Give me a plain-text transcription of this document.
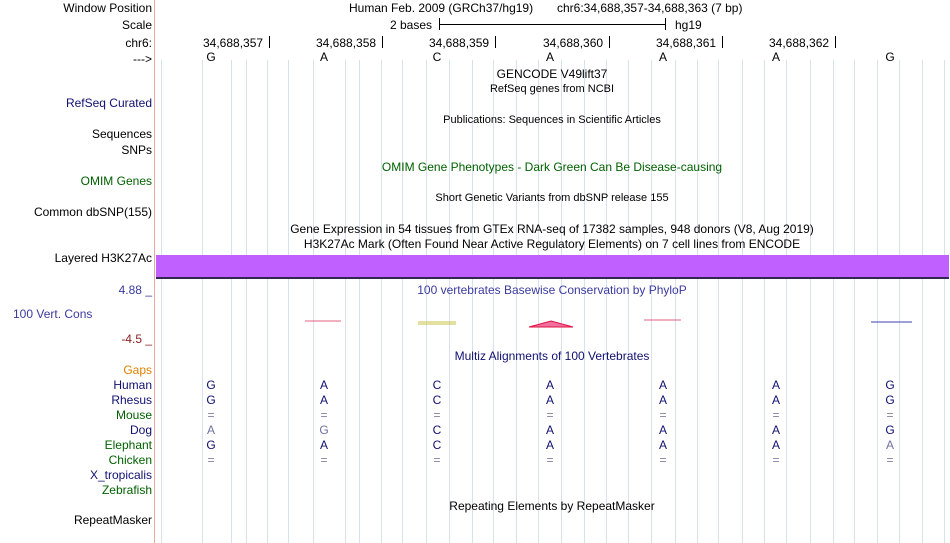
Window Position	Human Feb. 2009 (GRCh37/hg19) chr6:34,688,357-34,688,363 (7 bp)
Scale	2 bases	hg19
chr6:	34,688,357	34,688,358	34,688,359	34,688,360	34,688,361	34,688,362
--->	G	A	C	A	A	A	G
GENCODE V49lift37
RefSeq genes from NCBI
RefSeq Curated
Publications: Sequences in Scientific Articles
Sequences
SNPs
OMIM Gene Phenotypes - Dark Green Can Be Disease-causing
OMIM Genes
Short Genetic Variants from dbSNP release 155
Common dbSNP(155)
Gene Expression in 54 tissues from GTEx RNA-seq of 17382 samples, 948 donors (V8, Aug 2019)
H3K27Ac Mark (Often Found Near Active Regulatory Elements) on 7 cell lines from ENCODE
Layered H3K27Ac
4.88 _	100 vertebrates Basewise Conservation by PhyloP
100 Vert. Cons
-4.5 _
Multiz Alignments of 100 Vertebrates
Gaps
Human	G	A	C	A	A	A	G
Rhesus	G	A	C	A	A	A	G
Mouse	=	=	=	=	=	=	=
Dog	A	G	C	A	A	A	G
Elephant	G	A	C	A	A	A	A
Chicken	=	=	=	=	=	=	=
X_tropicalis
Zebrafish
Repeating Elements by RepeatMasker
RepeatMasker
